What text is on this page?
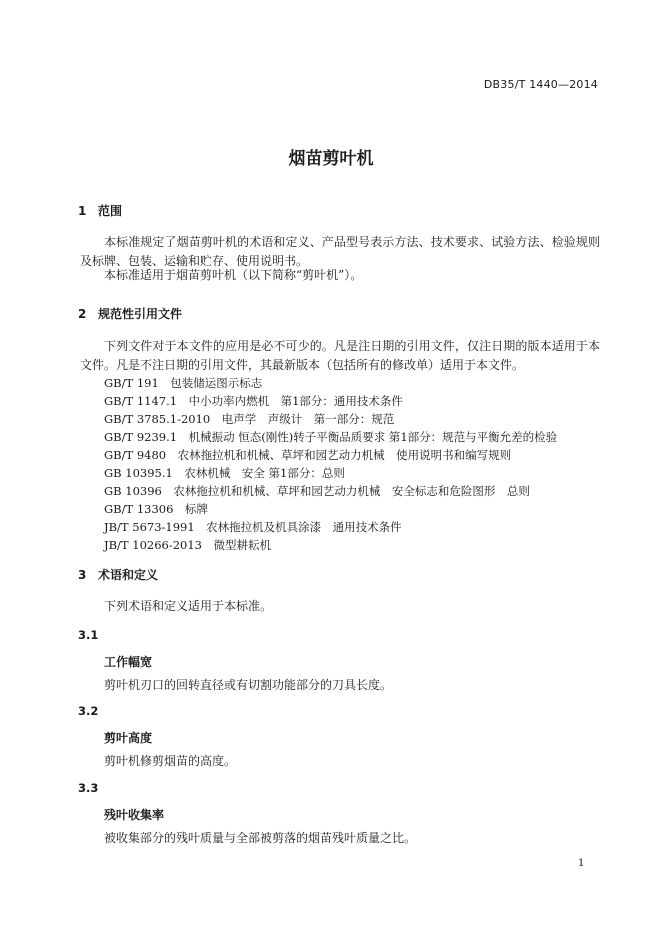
DB35/T 1440—2014
烟苗剪叶机
1 范围
本标准规定了烟苗剪叶机的术语和定义、产品型号表示方法、技术要求、试验方法、检验规则及标牌、包装、运输和贮存、使用说明书。
本标准适用于烟苗剪叶机（以下简称“剪叶机”）。
2 规范性引用文件
下列文件对于本文件的应用是必不可少的。凡是注日期的引用文件，仅注日期的版本适用于本文件。凡是不注日期的引用文件，其最新版本（包括所有的修改单）适用于本文件。
GB/T 191　包装储运图示标志
GB/T 1147.1　中小功率内燃机　第1部分：通用技术条件
GB/T 3785.1-2010　电声学　声级计　第一部分：规范
GB/T 9239.1　机械振动 恒态(刚性)转子平衡品质要求 第1部分：规范与平衡允差的检验
GB/T 9480　农林拖拉机和机械、草坪和园艺动力机械　使用说明书和编写规则
GB 10395.1　农林机械　安全 第1部分：总则
GB 10396　农林拖拉机和机械、草坪和园艺动力机械　安全标志和危险图形　总则
GB/T 13306　标牌
JB/T 5673-1991　农林拖拉机及机具涂漆　通用技术条件
JB/T 10266-2013　微型耕耘机
3 术语和定义
下列术语和定义适用于本标准。
3.1
工作幅宽
剪叶机刃口的回转直径或有切割功能部分的刀具长度。
3.2
剪叶高度
剪叶机修剪烟苗的高度。
3.3
残叶收集率
被收集部分的残叶质量与全部被剪落的烟苗残叶质量之比。
1
